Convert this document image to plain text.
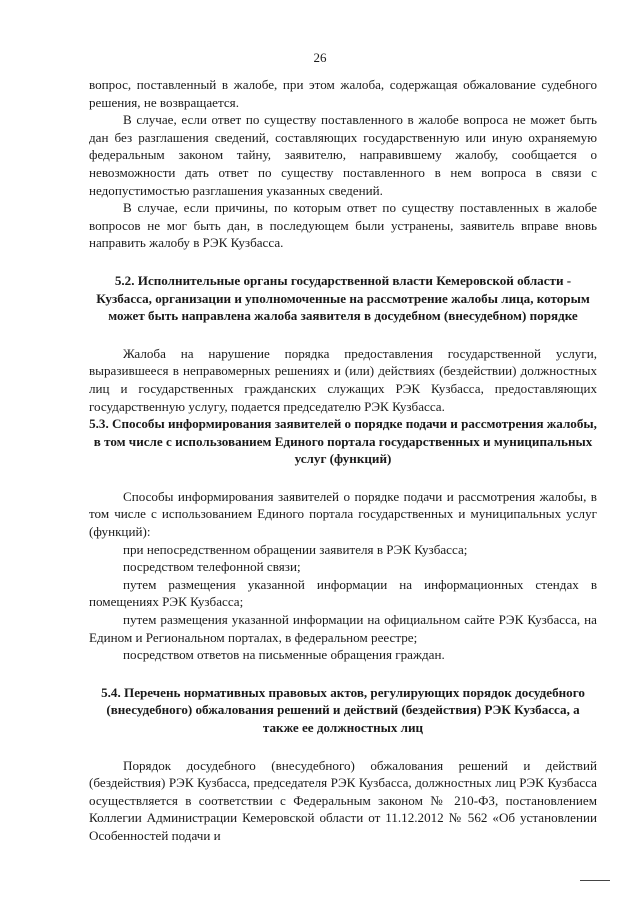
26

вопрос, поставленный в жалобе, при этом жалоба, содержащая обжалование судебного решения, не возвращается.

В случае, если ответ по существу поставленного в жалобе вопроса не может быть дан без разглашения сведений, составляющих государственную или иную охраняемую федеральным законом тайну, заявителю, направившему жалобу, сообщается о невозможности дать ответ по существу поставленного в нем вопроса в связи с недопустимостью разглашения указанных сведений.

В случае, если причины, по которым ответ по существу поставленных в жалобе вопросов не мог быть дан, в последующем были устранены, заявитель вправе вновь направить жалобу в РЭК Кузбасса.

5.2. Исполнительные органы государственной власти Кемеровской области - Кузбасса, организации и уполномоченные на рассмотрение жалобы лица, которым может быть направлена жалоба заявителя в досудебном (внесудебном) порядке

Жалоба на нарушение порядка предоставления государственной услуги, выразившееся в неправомерных решениях и (или) действиях (бездействии) должностных лиц и государственных гражданских служащих РЭК Кузбасса, предоставляющих государственную услугу, подается председателю РЭК Кузбасса.

5.3. Способы информирования заявителей о порядке подачи и рассмотрения жалобы, в том числе с использованием Единого портала государственных и муниципальных услуг (функций)

Способы информирования заявителей о порядке подачи и рассмотрения жалобы, в том числе с использованием Единого портала государственных и муниципальных услуг (функций):

при непосредственном обращении заявителя в РЭК Кузбасса;

посредством телефонной связи;

путем размещения указанной информации на информационных стендах в помещениях РЭК Кузбасса;

путем размещения указанной информации на официальном сайте РЭК Кузбасса, на Едином и Региональном порталах, в федеральном реестре;

посредством ответов на письменные обращения граждан.

5.4. Перечень нормативных правовых актов, регулирующих порядок досудебного (внесудебного) обжалования решений и действий (бездействия) РЭК Кузбасса, а также ее должностных лиц

Порядок досудебного (внесудебного) обжалования решений и действий (бездействия) РЭК Кузбасса, председателя РЭК Кузбасса, должностных лиц РЭК Кузбасса осуществляется в соответствии с Федеральным законом № 210-ФЗ, постановлением Коллегии Администрации Кемеровской области от 11.12.2012 № 562 «Об установлении Особенностей подачи и
